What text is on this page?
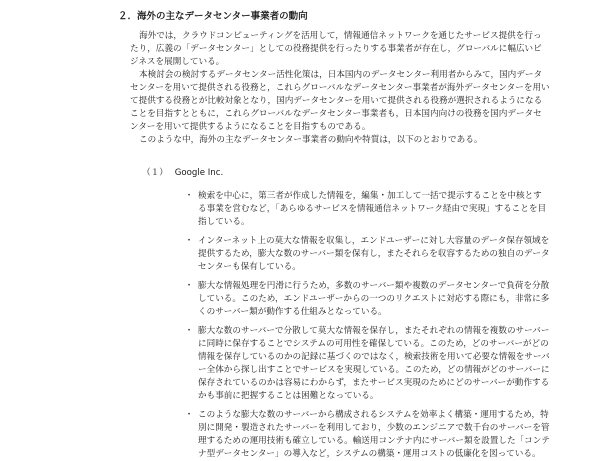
２．海外の主なデータセンター事業者の動向

海外では，クラウドコンピューティングを活用して，情報通信ネットワークを通じたサービス提供を行ったり，広義の「データセンター」としての役務提供を行ったりする事業者が存在し，グローバルに幅広いビジネスを展開している。

本検討会の検討するデータセンター活性化策は，日本国内のデータセンター利用者からみて，国内データセンターを用いて提供される役務と，これらグローバルなデータセンター事業者が海外データセンターを用いて提供する役務とが比較対象となり，国内データセンターを用いて提供される役務が選択されるようになることを目指すとともに，これらグローバルなデータセンター事業者も，日本国内向けの役務を国内データセンターを用いて提供するようになることを目指すものである。

このような中，海外の主なデータセンター事業者の動向や特質は，以下のとおりである。

（１） Google Inc.
・ 検索を中心に，第三者が作成した情報を，編集・加工して一括で提示することを中核とする事業を営むなど，「あらゆるサービスを情報通信ネットワーク経由で実現」することを目指している。
・ インターネット上の莫大な情報を収集し，エンドユーザーに対し大容量のデータ保存領域を提供するため，膨大な数のサーバー類を保有し，またそれらを収容するための独自のデータセンターも保有している。
・ 膨大な情報処理を円滑に行うため，多数のサーバー類や複数のデータセンターで負荷を分散している。このため，エンドユーザーからの一つのリクエストに対応する際にも，非常に多くのサーバー類が動作する仕組みとなっている。
・ 膨大な数のサーバーで分散して莫大な情報を保存し，またそれぞれの情報を複数のサーバーに同時に保存することでシステムの可用性を確保している。このため，どのサーバーがどの情報を保存しているのかの記録に基づくのではなく，検索技術を用いて必要な情報をサーバー全体から探し出すことでサービスを実現している。このため，どの情報がどのサーバーに保存されているのかは容易にわからず，またサービス実現のためにどのサーバーが動作するかも事前に把握することは困難となっている。
・ このような膨大な数のサーバーから構成されるシステムを効率よく構築・運用するため，特別に開発・製造されたサーバーを利用しており，少数のエンジニアで数千台のサーバーを管理するための運用技術も確立している。輸送用コンテナ内にサーバー類を設置した「コンテナ型データセンター」の導入など，システムの構築・運用コストの低廉化を図っている。
